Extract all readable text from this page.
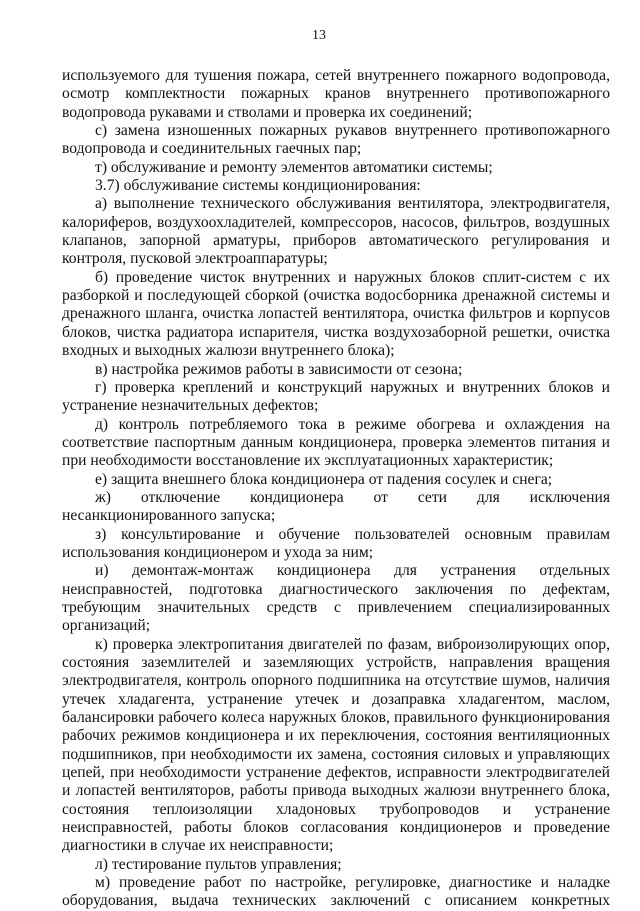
13

используемого для тушения пожара, сетей внутреннего пожарного водопровода, осмотр комплектности пожарных кранов внутреннего противопожарного водопровода рукавами и стволами и проверка их соединений;

с) замена изношенных пожарных рукавов внутреннего противопожарного водопровода и соединительных гаечных пар;

т) обслуживание и ремонту элементов автоматики системы;

3.7) обслуживание системы кондиционирования:

а) выполнение технического обслуживания вентилятора, электродвигателя, калориферов, воздухоохладителей, компрессоров, насосов, фильтров, воздушных клапанов, запорной арматуры, приборов автоматического регулирования и контроля, пусковой электроаппаратуры;

б) проведение чисток внутренних и наружных блоков сплит-систем с их разборкой и последующей сборкой (очистка водосборника дренажной системы и дренажного шланга, очистка лопастей вентилятора, очистка фильтров и корпусов блоков, чистка радиатора испарителя, чистка воздухозаборной решетки, очистка входных и выходных жалюзи внутреннего блока);

в) настройка режимов работы в зависимости от сезона;

г) проверка креплений и конструкций наружных и внутренних блоков и устранение незначительных дефектов;

д) контроль потребляемого тока в режиме обогрева и охлаждения на соответствие паспортным данным кондиционера, проверка элементов питания и при необходимости восстановление их эксплуатационных характеристик;

е) защита внешнего блока кондиционера от падения сосулек и снега;

ж) отключение кондиционера от сети для исключения несанкционированного запуска;

з) консультирование и обучение пользователей основным правилам использования кондиционером и ухода за ним;

и) демонтаж-монтаж кондиционера для устранения отдельных неисправностей, подготовка диагностического заключения по дефектам, требующим значительных средств с привлечением специализированных организаций;

к) проверка электропитания двигателей по фазам, виброизолирующих опор, состояния заземлителей и заземляющих устройств, направления вращения электродвигателя, контроль опорного подшипника на отсутствие шумов, наличия утечек хладагента, устранение утечек и дозаправка хладагентом, маслом, балансировки рабочего колеса наружных блоков, правильного функционирования рабочих режимов кондиционера и их переключения, состояния вентиляционных подшипников, при необходимости их замена, состояния силовых и управляющих цепей, при необходимости устранение дефектов, исправности электродвигателей и лопастей вентиляторов, работы привода выходных жалюзи внутреннего блока, состояния теплоизоляции хладоновых трубопроводов и устранение неисправностей, работы блоков согласования кондиционеров и проведение диагностики в случае их неисправности;

л) тестирование пультов управления;

м) проведение работ по настройке, регулировке, диагностике и наладке оборудования, выдача технических заключений с описанием конкретных
